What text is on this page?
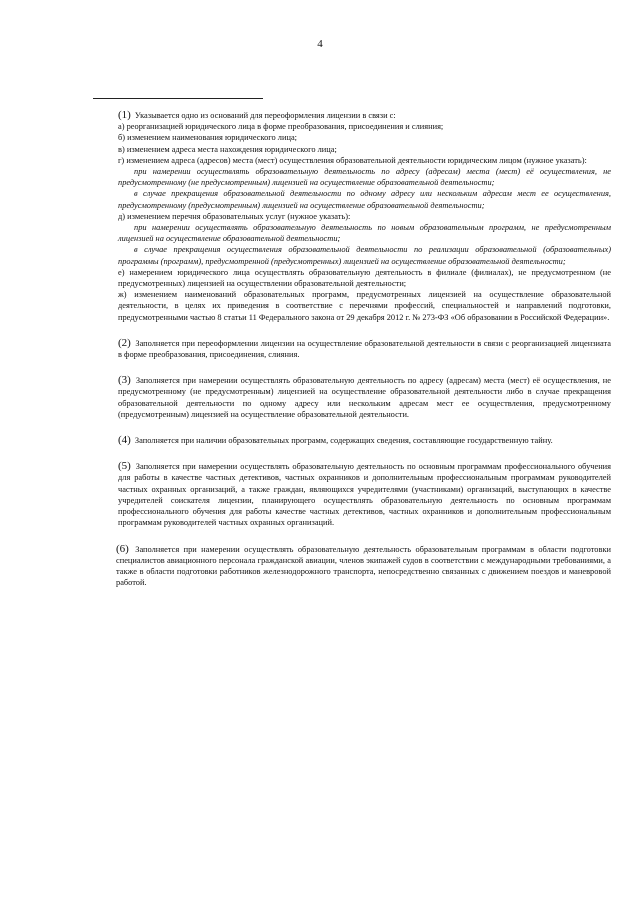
4

(1) Указывается одно из оснований для переоформления лицензии в связи с:

а) реорганизацией юридического лица в форме преобразования, присоединения и слияния;

б) изменением наименования юридического лица;

в) изменением адреса места нахождения юридического лица;

г) изменением адреса (адресов) места (мест) осуществления образовательной деятельности юридическим лицом (нужное указать):

при намерении осуществлять образовательную деятельность по адресу (адресам) места (мест) её осуществления, не предусмотренному (не предусмотренным) лицензией на осуществление образовательной деятельности;

в случае прекращения образовательной деятельности по одному адресу или нескольким адресам мест ее осуществления, предусмотренному (предусмотренным) лицензией на осуществление образовательной деятельности;

д) изменением перечня образовательных услуг (нужное указать):

при намерении осуществлять образовательную деятельность по новым образовательным программ, не предусмотренным лицензией на осуществление образовательной деятельности;

в случае прекращения осуществления образовательной деятельности по реализации образовательной (образовательных) программы (программ), предусмотренной (предусмотренных) лицензией на осуществление образовательной деятельности;

е) намерением юридического лица осуществлять образовательную деятельность в филиале (филиалах), не предусмотренном (не предусмотренных) лицензией на осуществлении образовательной деятельности;

ж) изменением наименований образовательных программ, предусмотренных лицензией на осуществление образовательной деятельности, в целях их приведения в соответствие с перечнями профессий, специальностей и направлений подготовки, предусмотренными частью 8 статьи 11 Федерального закона от 29 декабря 2012 г. № 273-ФЗ «Об образовании в Российской Федерации».

(2) Заполняется при переоформлении лицензии на осуществление образовательной деятельности в связи с реорганизацией лицензиата в форме преобразования, присоединения, слияния.

(3) Заполняется при намерении осуществлять образовательную деятельность по адресу (адресам) места (мест) её осуществления, не предусмотренному (не предусмотренным) лицензией на осуществление образовательной деятельности либо в случае прекращения образовательной деятельности по одному адресу или нескольким адресам мест ее осуществления, предусмотренному (предусмотренным) лицензией на осуществление образовательной деятельности.

(4) Заполняется при наличии образовательных программ, содержащих сведения, составляющие государственную тайну.

(5) Заполняется при намерении осуществлять образовательную деятельность по основным программам профессионального обучения для работы в качестве частных детективов, частных охранников и дополнительным профессиональным программам руководителей частных охранных организаций, а также граждан, являющихся учредителями (участниками) организаций, выступающих в качестве учредителей соискателя лицензии, планирующего осуществлять образовательную деятельность по основным программам профессионального обучения для работы качестве частных детективов, частных охранников и дополнительным профессиональным программам руководителей частных охранных организаций.

(6) Заполняется при намерении осуществлять образовательную деятельность образовательным программам в области подготовки специалистов авиационного персонала гражданской авиации, членов экипажей судов в соответствии с международными требованиями, а также в области подготовки работников железнодорожного транспорта, непосредственно связанных с движением поездов и маневровой работой.
